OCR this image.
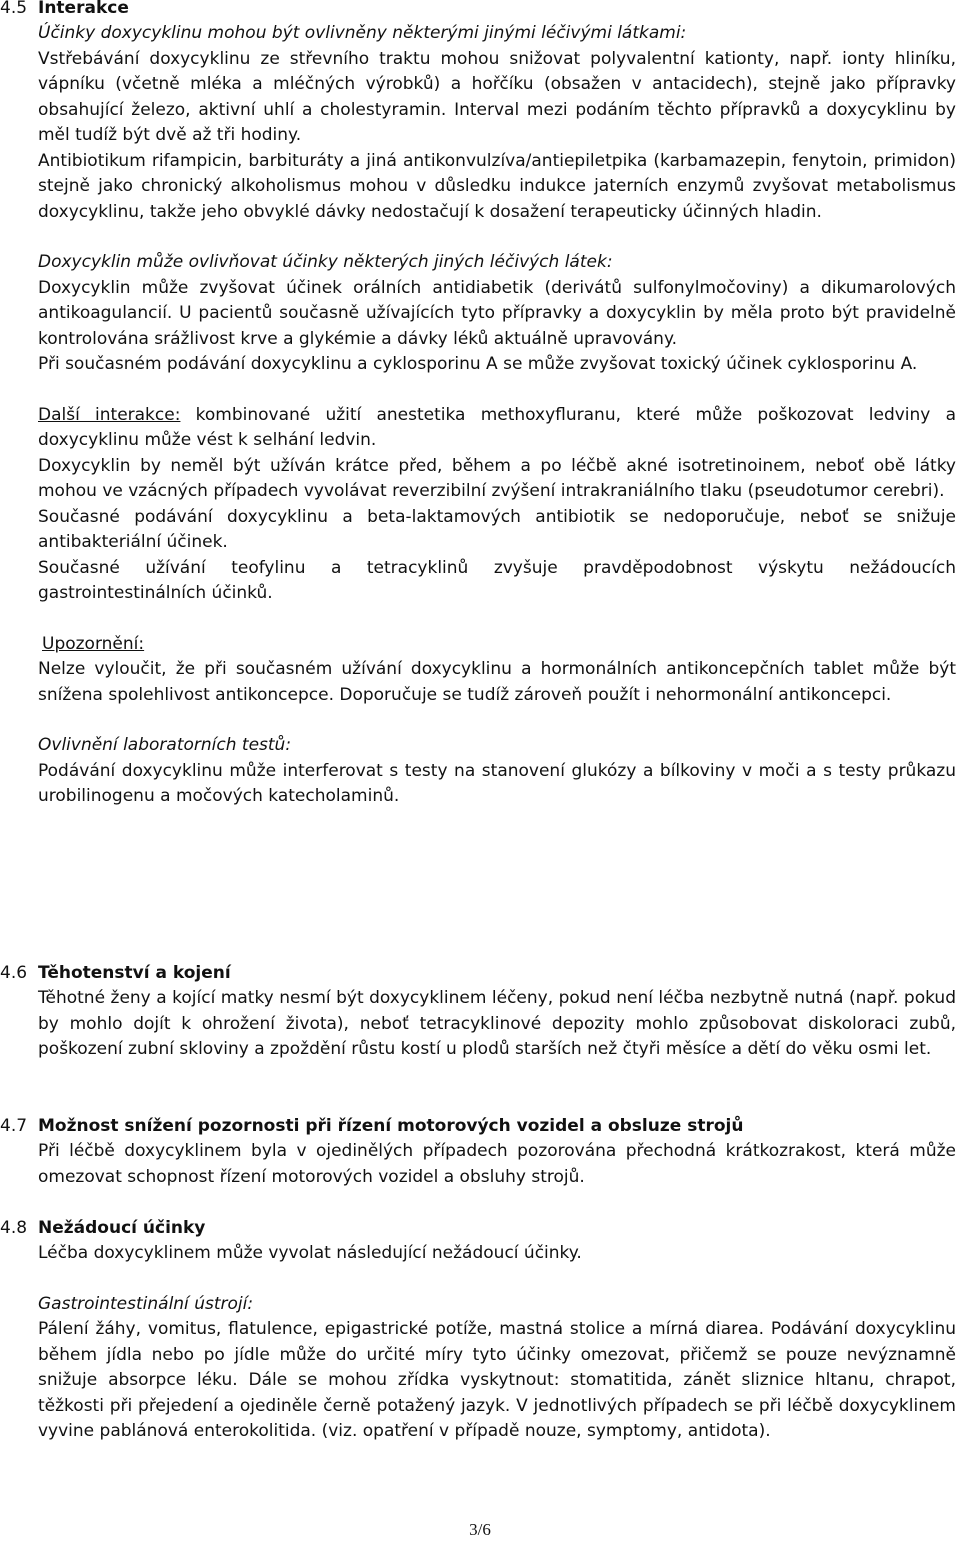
4.5 Interakce

Účinky doxycyklinu mohou být ovlivněny některými jinými léčivými látkami:

Vstřebávání doxycyklinu ze střevního traktu mohou snižovat polyvalentní kationty, např. ionty hliníku, vápníku (včetně mléka a mléčných výrobků) a hořčíku (obsažen v antacidech), stejně jako přípravky obsahující železo, aktivní uhlí a cholestyramin. Interval mezi podáním těchto přípravků a doxycyklinu by měl tudíž být dvě až tři hodiny.

Antibiotikum rifampicin, barbituráty a jiná antikonvulzíva/antiepiletpika (karbamazepin, fenytoin, primidon) stejně jako chronický alkoholismus mohou v důsledku indukce jaterních enzymů zvyšovat metabolismus doxycyklinu, takže jeho obvyklé dávky nedostačují k dosažení terapeuticky účinných hladin.

Doxycyklin může ovlivňovat účinky některých jiných léčivých látek:

Doxycyklin může zvyšovat účinek orálních antidiabetik (derivátů sulfonylmočoviny) a dikumarolových antikoagulancií. U pacientů současně užívajících tyto přípravky a doxycyklin by měla proto být pravidelně kontrolována srážlivost krve a glykémie a dávky léků aktuálně upravovány.

Při současném podávání doxycyklinu a cyklosporinu A se může zvyšovat toxický účinek cyklosporinu A.

Další interakce: kombinované užití anestetika methoxyfluranu, které může poškozovat ledviny a doxycyklinu může vést k selhání ledvin.

Doxycyklin by neměl být užíván krátce před, během a po léčbě akné isotretinoinem, neboť obě látky mohou ve vzácných případech vyvolávat reverzibilní zvýšení intrakraniálního tlaku (pseudotumor cerebri).

Současné podávání doxycyklinu a beta-laktamových antibiotik se nedoporučuje, neboť se snižuje antibakteriální účinek.

Současné užívání teofylinu a tetracyklinů zvyšuje pravděpodobnost výskytu nežádoucích gastrointestinálních účinků.

Upozornění:

Nelze vyloučit, že při současném užívání doxycyklinu a hormonálních antikoncepčních tablet může být snížena spolehlivost antikoncepce. Doporučuje se tudíž zároveň použít i nehormonální antikoncepci.

Ovlivnění laboratorních testů:

Podávání doxycyklinu může interferovat s testy na stanovení glukózy a bílkoviny v moči a s testy průkazu urobilinogenu a močových katecholaminů.

4.6 Těhotenství a kojení

Těhotné ženy a kojící matky nesmí být doxycyklinem léčeny, pokud není léčba nezbytně nutná (např. pokud by mohlo dojít k ohrožení života), neboť tetracyklinové depozity mohlo způsobovat diskoloraci zubů, poškození zubní skloviny a zpoždění růstu kostí u plodů starších než čtyři měsíce a dětí do věku osmi let.

4.7 Možnost snížení pozornosti při řízení motorových vozidel a obsluze strojů

Při léčbě doxycyklinem byla v ojedinělých případech pozorována přechodná krátkozrakost, která může omezovat schopnost řízení motorových vozidel a obsluhy strojů.

4.8 Nežádoucí účinky

Léčba doxycyklinem může vyvolat následující nežádoucí účinky.

Gastrointestinální ústrojí:

Pálení žáhy, vomitus, flatulence, epigastrické potíže, mastná stolice a mírná diarea. Podávání doxycyklinu během jídla nebo po jídle může do určité míry tyto účinky omezovat, přičemž se pouze nevýznamně snižuje absorpce léku. Dále se mohou zřídka vyskytnout: stomatitida, zánět sliznice hltanu, chrapot, těžkosti při přejedení a ojediněle černě potažený jazyk. V jednotlivých případech se při léčbě doxycyklinem vyvine pablánová enterokolitida. (viz. opatření v případě nouze, symptomy, antidota).

3/6
